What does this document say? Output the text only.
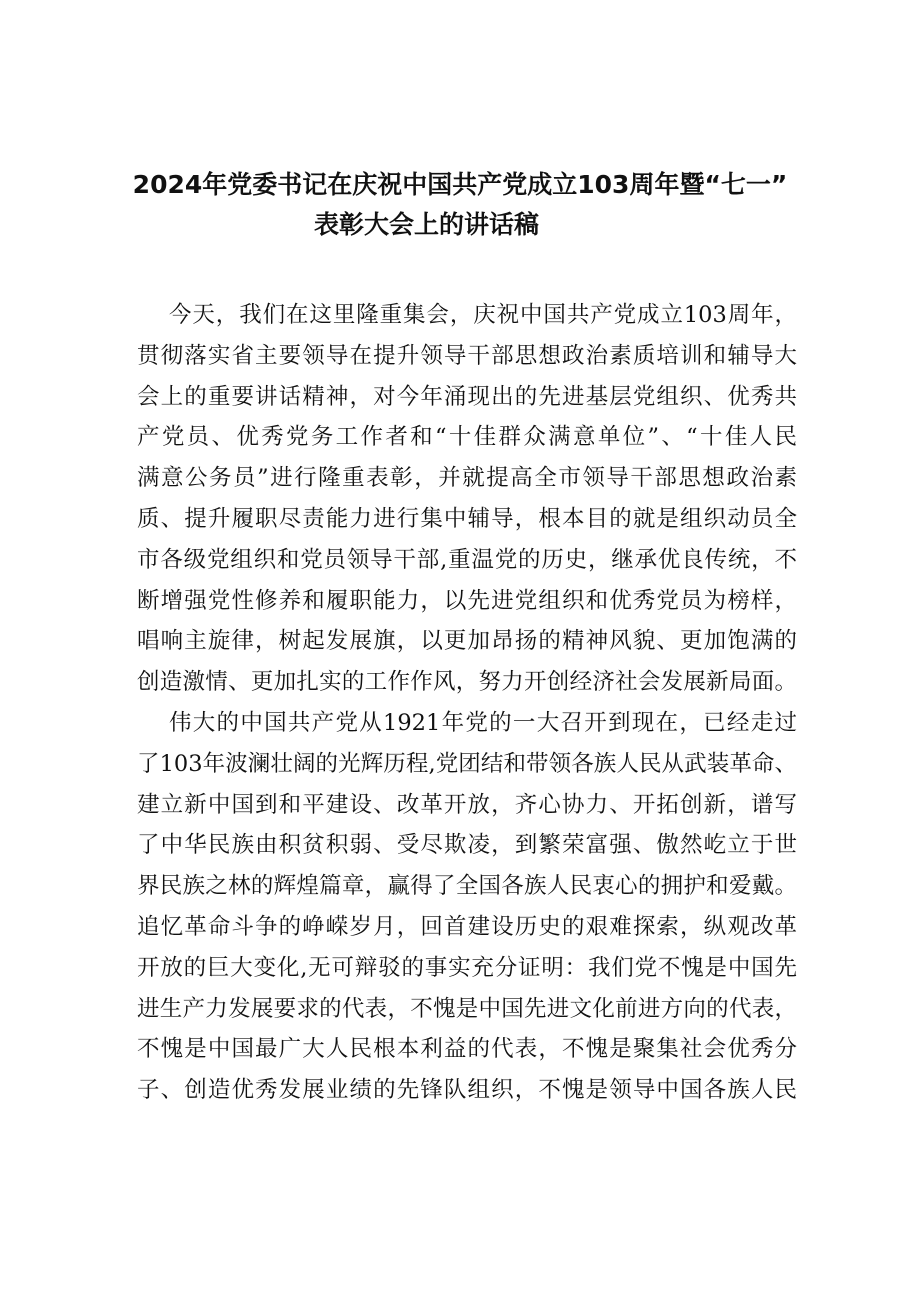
2024年党委书记在庆祝中国共产党成立103周年暨“七一”
表彰大会上的讲话稿
今天，我们在这里隆重集会，庆祝中国共产党成立103周年，
贯彻落实省主要领导在提升领导干部思想政治素质培训和辅导大
会上的重要讲话精神，对今年涌现出的先进基层党组织、优秀共
产党员、优秀党务工作者和“十佳群众满意单位”、“十佳人民
满意公务员”进行隆重表彰，并就提高全市领导干部思想政治素
质、提升履职尽责能力进行集中辅导，根本目的就是组织动员全
市各级党组织和党员领导干部,重温党的历史，继承优良传统，不
断增强党性修养和履职能力，以先进党组织和优秀党员为榜样，
唱响主旋律，树起发展旗，以更加昂扬的精神风貌、更加饱满的
创造激情、更加扎实的工作作风，努力开创经济社会发展新局面。
伟大的中国共产党从1921年党的一大召开到现在，已经走过
了103年波澜壮阔的光辉历程,党团结和带领各族人民从武装革命、
建立新中国到和平建设、改革开放，齐心协力、开拓创新，谱写
了中华民族由积贫积弱、受尽欺凌，到繁荣富强、傲然屹立于世
界民族之林的辉煌篇章，赢得了全国各族人民衷心的拥护和爱戴。
追忆革命斗争的峥嵘岁月，回首建设历史的艰难探索，纵观改革
开放的巨大变化,无可辩驳的事实充分证明：我们党不愧是中国先
进生产力发展要求的代表，不愧是中国先进文化前进方向的代表，
不愧是中国最广大人民根本利益的代表，不愧是聚集社会优秀分
子、创造优秀发展业绩的先锋队组织，不愧是领导中国各族人民
